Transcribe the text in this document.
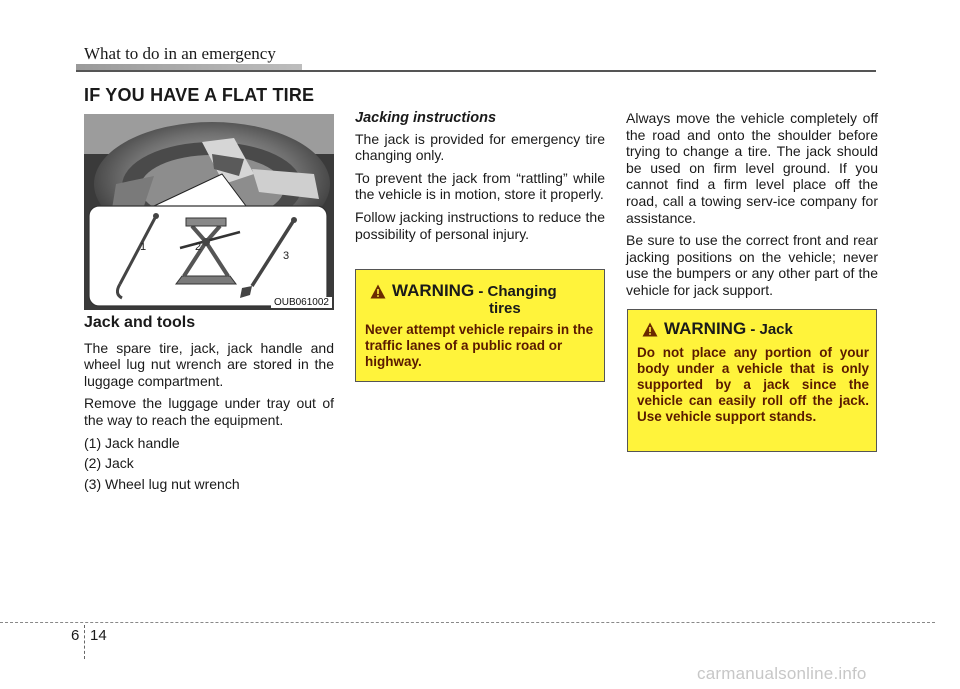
What to do in an emergency
IF YOU HAVE A FLAT TIRE
1	2
3
OUB061002
Jack and tools

The spare tire, jack, jack handle and wheel lug nut wrench are stored in the luggage compartment.

Remove the luggage under tray out of the way to reach the equipment.

(1) Jack handle
(2) Jack
(3) Wheel lug nut wrench
Jacking instructions

The jack is provided for emergency tire changing only.

To prevent the jack from “rattling” while the vehicle is in motion, store it properly.

Follow jacking instructions to reduce the possibility of personal injury.

WARNING - Changing
tires
Never attempt vehicle repairs in the traffic lanes of a public road or highway.

Always move the vehicle completely off the road and onto the shoulder before trying to change a tire. The jack should be used on firm level ground. If you cannot find a firm level place off the road, call a towing serv-ice company for assistance.

Be sure to use the correct front and rear jacking positions on the vehicle; never use the bumpers or any other part of the vehicle for jack support.

WARNING - Jack
Do not place any portion of your body under a vehicle that is only supported by a jack since the vehicle can easily roll off the jack. Use vehicle support stands.
6 14
carmanualsonline.info
